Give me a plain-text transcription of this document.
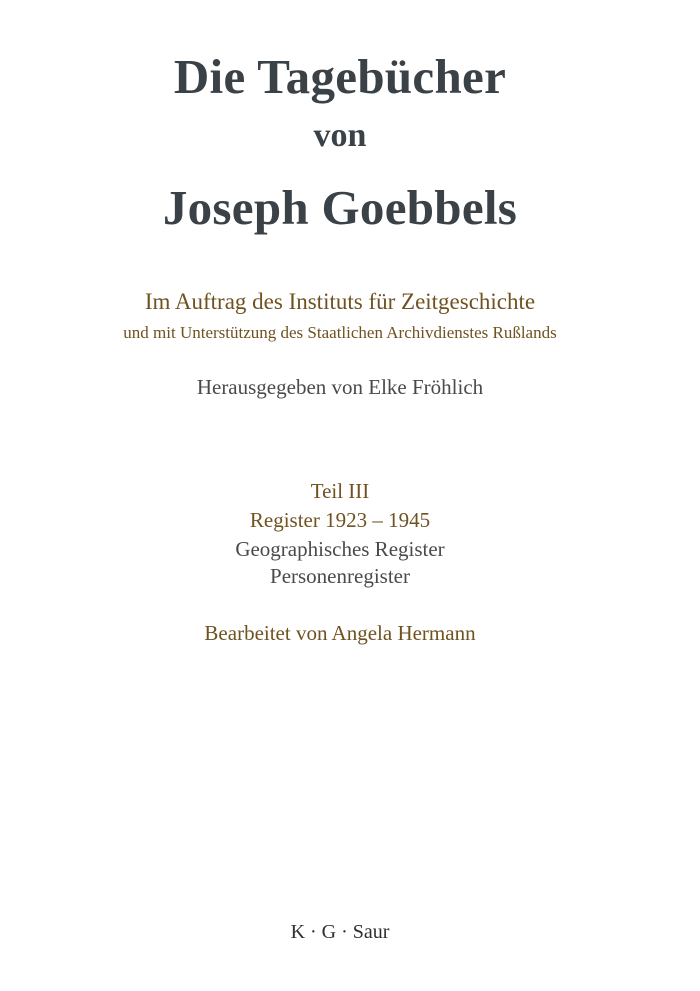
Die Tagebücher
von
Joseph Goebbels
Im Auftrag des Instituts für Zeitgeschichte
und mit Unterstützung des Staatlichen Archivdienstes Rußlands
Herausgegeben von Elke Fröhlich
Teil III
Register 1923 – 1945
Geographisches Register
Personenregister
Bearbeitet von Angela Hermann
K · G · Saur
